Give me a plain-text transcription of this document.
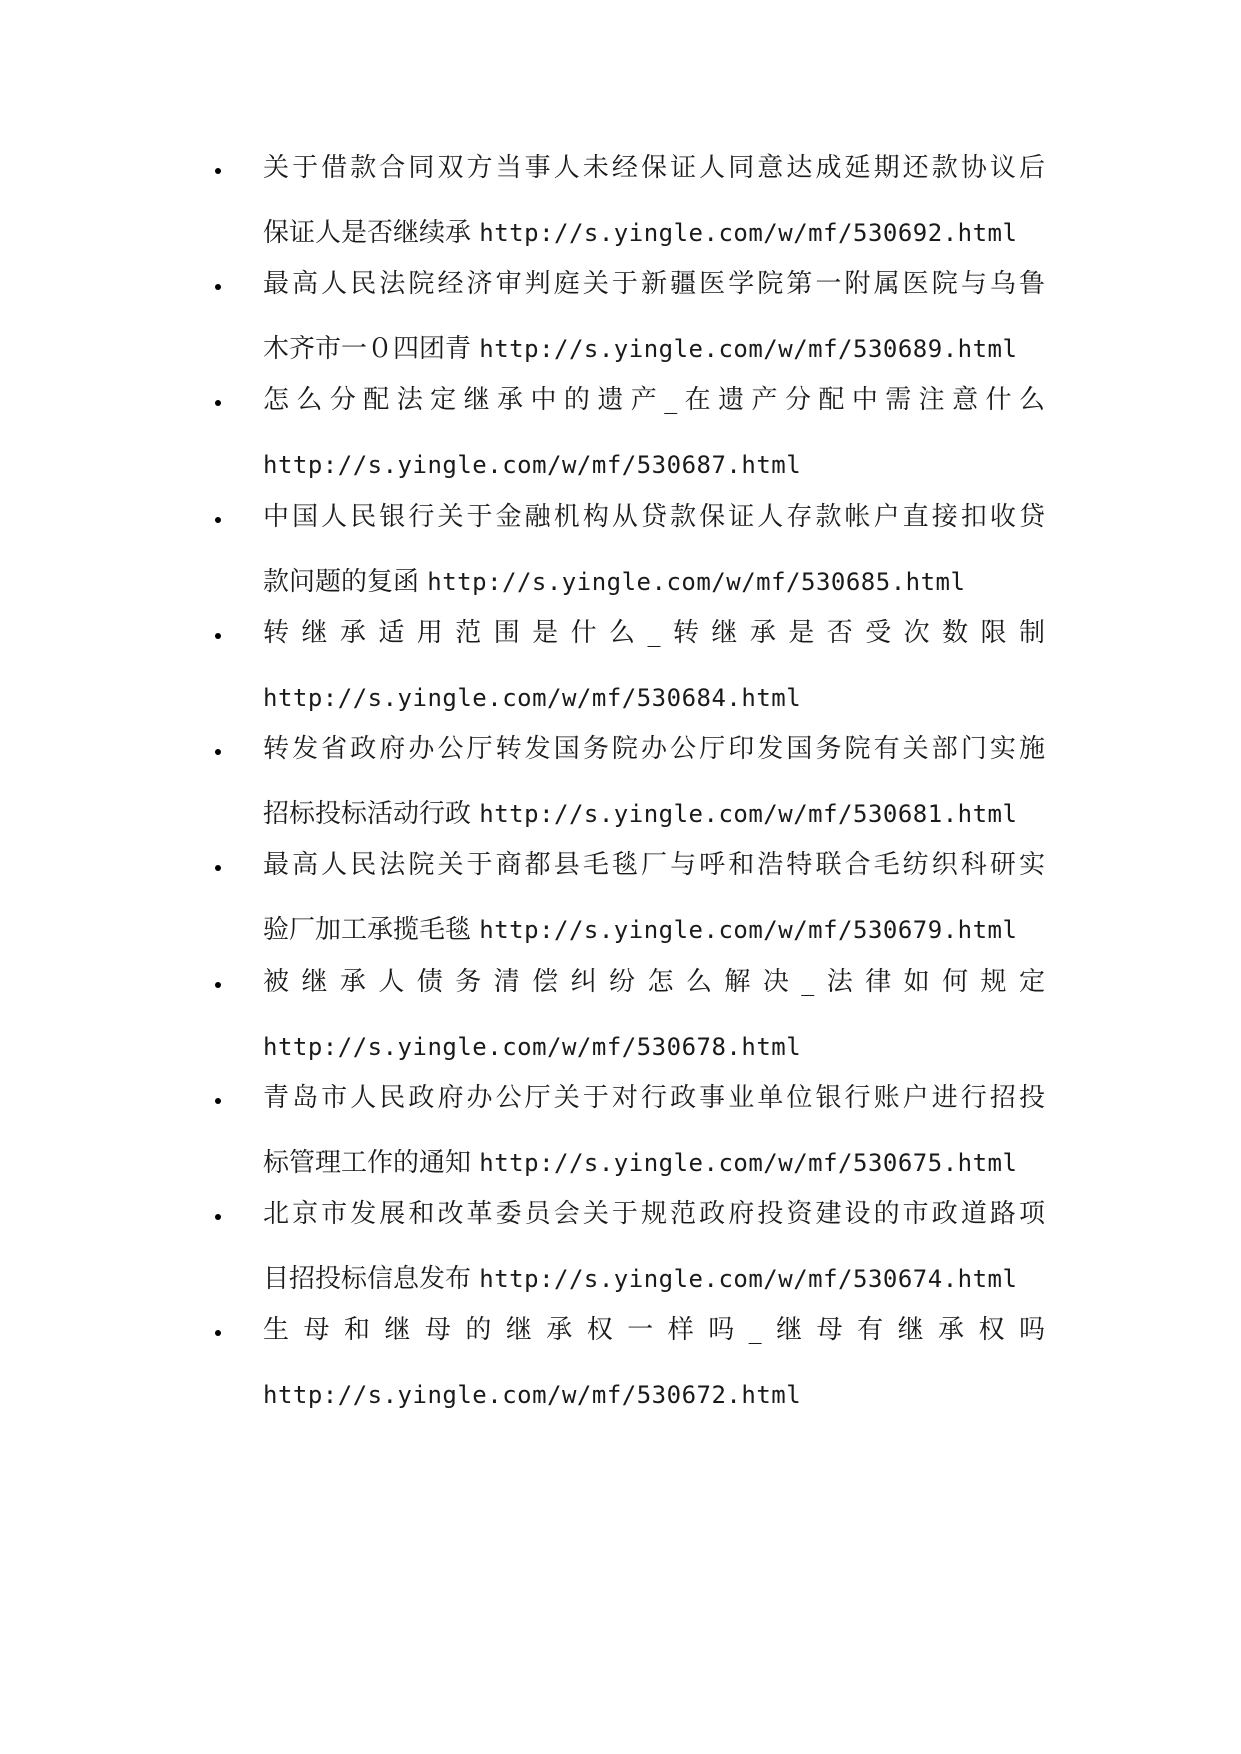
关于借款合同双方当事人未经保证人同意达成延期还款协议后
保证人是否继续承 http://s.yingle.com/w/mf/530692.html
最高人民法院经济审判庭关于新疆医学院第一附属医院与乌鲁
木齐市一０四团青 http://s.yingle.com/w/mf/530689.html
怎么分配法定继承中的遗产_在遗产分配中需注意什么
http://s.yingle.com/w/mf/530687.html
中国人民银行关于金融机构从贷款保证人存款帐户直接扣收贷
款问题的复函 http://s.yingle.com/w/mf/530685.html
转继承适用范围是什么_转继承是否受次数限制
http://s.yingle.com/w/mf/530684.html
转发省政府办公厅转发国务院办公厅印发国务院有关部门实施
招标投标活动行政 http://s.yingle.com/w/mf/530681.html
最高人民法院关于商都县毛毯厂与呼和浩特联合毛纺织科研实
验厂加工承揽毛毯 http://s.yingle.com/w/mf/530679.html
被继承人债务清偿纠纷怎么解决_法律如何规定
http://s.yingle.com/w/mf/530678.html
青岛市人民政府办公厅关于对行政事业单位银行账户进行招投
标管理工作的通知 http://s.yingle.com/w/mf/530675.html
北京市发展和改革委员会关于规范政府投资建设的市政道路项
目招投标信息发布 http://s.yingle.com/w/mf/530674.html
生母和继母的继承权一样吗_继母有继承权吗
http://s.yingle.com/w/mf/530672.html
